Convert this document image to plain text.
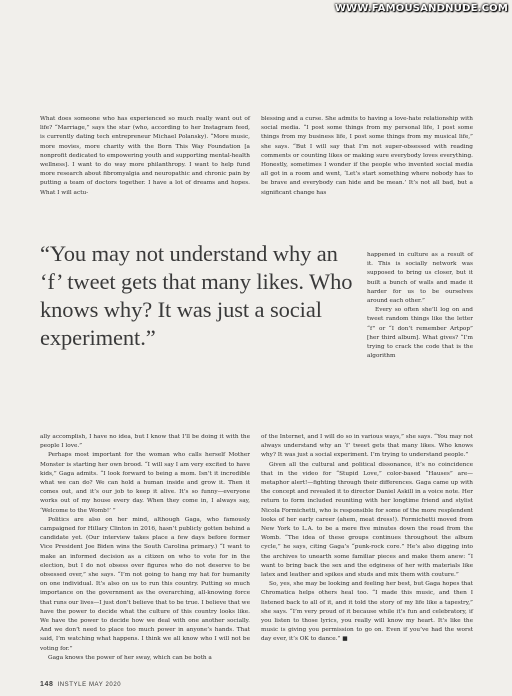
WWW.FAMOUSANDNUDE.COM

What does someone who has experienced so much really want out of life? “Marriage,” says the star (who, according to her Instagram feed, is currently dating tech entrepreneur Michael Polansky). “More music, more movies, more charity with the Born This Way Foundation [a nonprofit dedicated to empowering youth and supporting mental-health wellness]. I want to do way more philanthropy. I want to help fund more research about fibromyalgia and neuropathic and chronic pain by putting a team of doctors together. I have a lot of dreams and hopes. What I will actu-

blessing and a curse. She admits to having a love-hate relationship with social media. “I post some things from my personal life, I post some things from my business life, I post some things from my musical life,” she says. “But I will say that I’m not super-obsessed with reading comments or counting likes or making sure everybody loves everything. Honestly, sometimes I wonder if the people who invented social media all got in a room and went, ‘Let’s start something where nobody has to be brave and everybody can hide and be mean.’ It’s not all bad, but a significant change has

happened in culture as a result of it. This is socially network was supposed to bring us closer, but it built a bunch of walls and made it harder for us to be ourselves around each other.”

Every so often she’ll log on and tweet random things like the letter “f” or “I don’t remember Artpop” [her third album]. What gives? “I’m trying to crack the code that is the algorithm

“You may not understand why an ‘f’ tweet gets that many likes. Who knows why? It was just a social experiment.”

ally accomplish, I have no idea, but I know that I’ll be doing it with the people I love.”

Perhaps most important for the woman who calls herself Mother Monster is starting her own brood. “I will say I am very excited to have kids,” Gaga admits. “I look forward to being a mom. Isn’t it incredible what we can do? We can hold a human inside and grow it. Then it comes out, and it’s our job to keep it alive. It’s so funny—everyone works out of my house every day. When they come in, I always say, ‘Welcome to the Womb!’ ”

Politics are also on her mind, although Gaga, who famously campaigned for Hillary Clinton in 2016, hasn’t publicly gotten behind a candidate yet. (Our interview takes place a few days before former Vice President Joe Biden wins the South Carolina primary.) “I want to make an informed decision as a citizen on who to vote for in the election, but I do not obsess over figures who do not deserve to be obsessed over,” she says. “I’m not going to hang my hat for humanity on one individual. It’s also on us to run this country. Putting so much importance on the government as the overarching, all-knowing force that runs our lives—I just don’t believe that to be true. I believe that we have the power to decide what the culture of this country looks like. We have the power to decide how we deal with one another socially. And we don’t need to place too much power in anyone’s hands. That said, I’m watching what happens. I think we all know who I will not be voting for.”

Gaga knows the power of her sway, which can be both a

of the Internet, and I will do so in various ways,” she says. “You may not always understand why an ‘f’ tweet gets that many likes. Who knows why? It was just a social experiment. I’m trying to understand people.”

Given all the cultural and political dissonance, it’s no coincidence that in the video for “Stupid Love,” color-based “Hauses” are—metaphor alert!—fighting through their differences. Gaga came up with the concept and revealed it to director Daniel Askill in a voice note. Her return to form included reuniting with her longtime friend and stylist Nicola Formichetti, who is responsible for some of the more resplendent looks of her early career (ahem, meat dress!). Formichetti moved from New York to L.A. to be a mere five minutes down the road from the Womb. “The idea of these groups continues throughout the album cycle,” he says, citing Gaga’s “punk-rock core.” He’s also digging into the archives to unearth some familiar pieces and make them anew: “I want to bring back the sex and the edginess of her with materials like latex and leather and spikes and studs and mix them with couture.”

So, yes, she may be looking and feeling her best, but Gaga hopes that Chromatica helps others heal too. “I made this music, and then I listened back to all of it, and it told the story of my life like a tapestry,” she says. “I’m very proud of it because while it’s fun and celebratory, if you listen to those lyrics, you really will know my heart. It’s like the music is giving you permission to go on. Even if you’ve had the worst day ever, it’s OK to dance.” ■

148 INSTYLE MAY 2020
